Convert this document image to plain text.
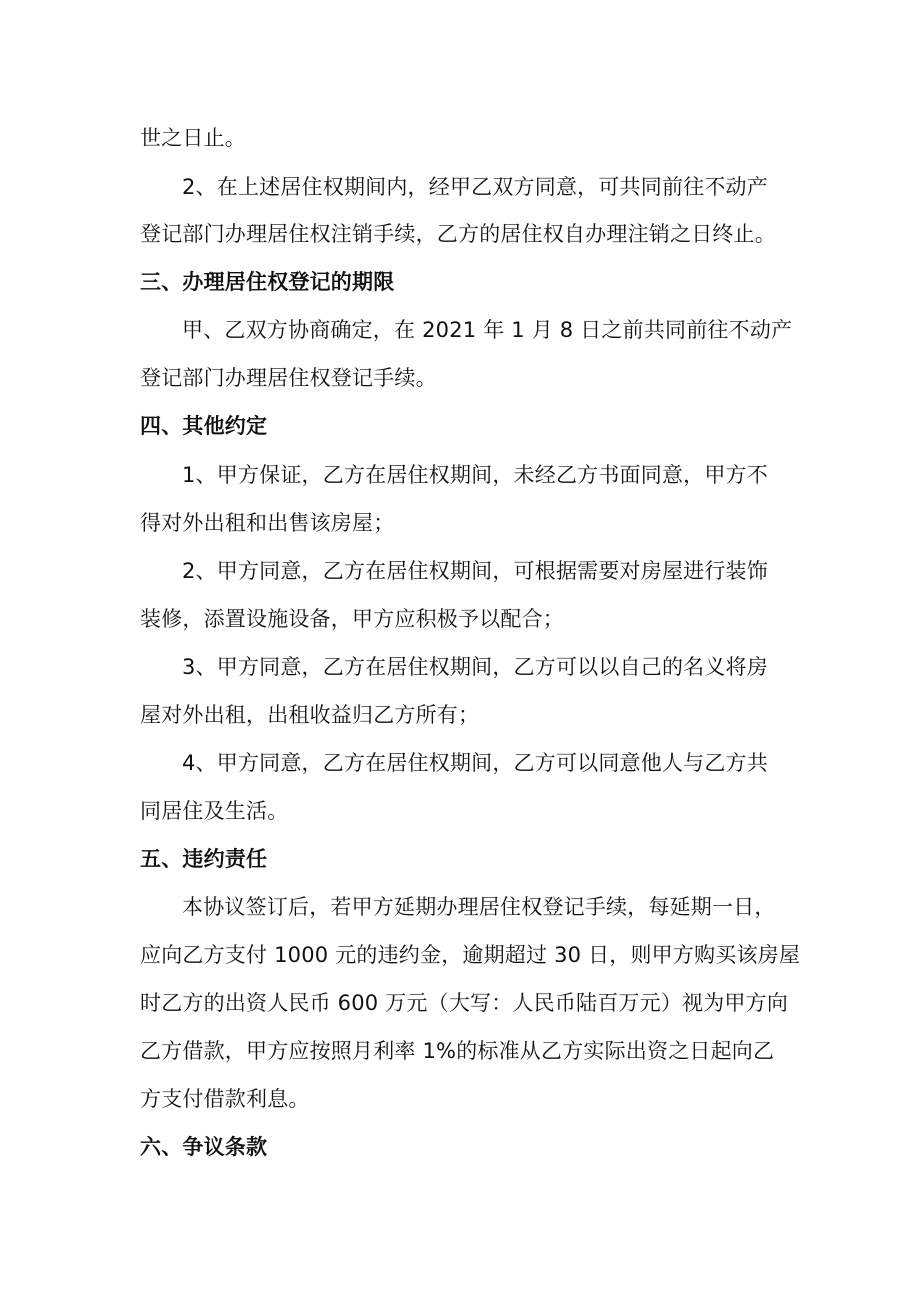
世之日止。
2、在上述居住权期间内，经甲乙双方同意，可共同前往不动产
登记部门办理居住权注销手续，乙方的居住权自办理注销之日终止。
三、办理居住权登记的期限
甲、乙双方协商确定，在 2021 年 1 月 8 日之前共同前往不动产
登记部门办理居住权登记手续。
四、其他约定
1、甲方保证，乙方在居住权期间，未经乙方书面同意，甲方不
得对外出租和出售该房屋；
2、甲方同意，乙方在居住权期间，可根据需要对房屋进行装饰
装修，添置设施设备，甲方应积极予以配合；
3、甲方同意，乙方在居住权期间，乙方可以以自己的名义将房
屋对外出租，出租收益归乙方所有；
4、甲方同意，乙方在居住权期间，乙方可以同意他人与乙方共
同居住及生活。
五、违约责任
本协议签订后，若甲方延期办理居住权登记手续，每延期一日，
应向乙方支付 1000 元的违约金，逾期超过 30 日，则甲方购买该房屋
时乙方的出资人民币 600 万元（大写：人民币陆百万元）视为甲方向
乙方借款，甲方应按照月利率 1%的标准从乙方实际出资之日起向乙
方支付借款利息。
六、争议条款
